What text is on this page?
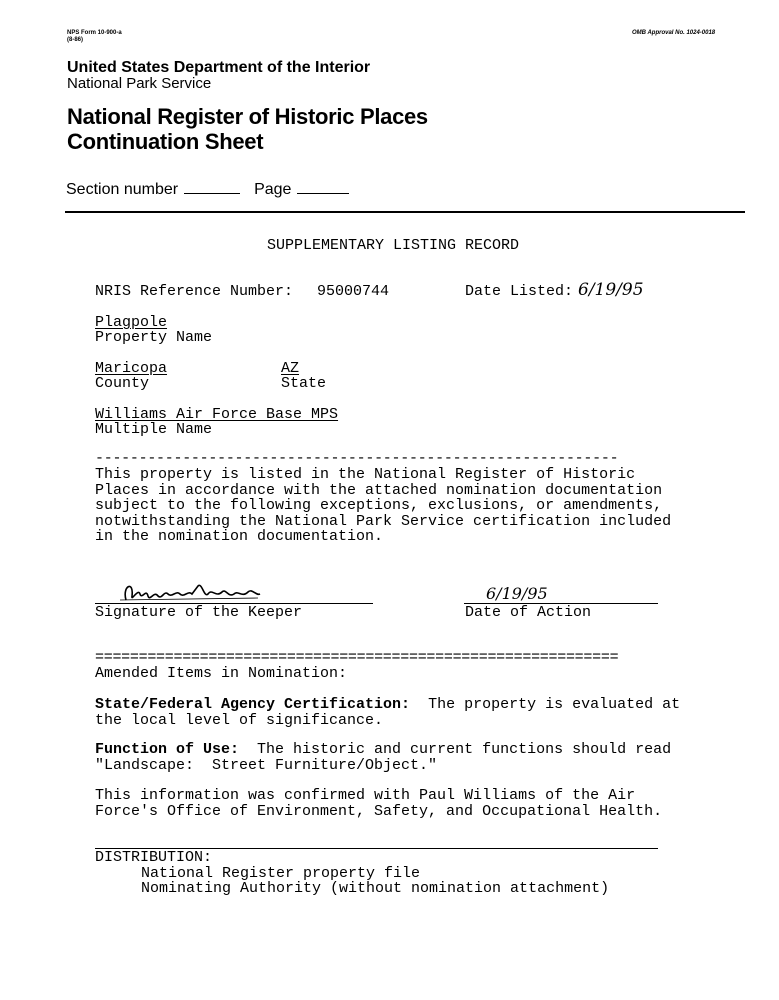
NPS Form 10-900-a
(8-86)
OMB Approval No. 1024-0018
United States Department of the Interior
National Park Service
National Register of Historic Places
Continuation Sheet
Section number	Page
SUPPLEMENTARY LISTING RECORD
NRIS Reference Number: 95000744	Date Listed: 6/19/95
Plagpole
Property Name
Maricopa
County
AZ
State
Williams Air Force Base MPS
Multiple Name
------------------------------------------------------------
This property is listed in the National Register of Historic
Places in accordance with the attached nomination documentation
subject to the following exceptions, exclusions, or amendments,
notwithstanding the National Park Service certification included
in the nomination documentation.
Signature of the Keeper
6/19/95
Date of Action
============================================================
Amended Items in Nomination:
State/Federal Agency Certification:  The property is evaluated at
the local level of significance.
Function of Use:  The historic and current functions should read
"Landscape:  Street Furniture/Object."
This information was confirmed with Paul Williams of the Air
Force's Office of Environment, Safety, and Occupational Health.
DISTRIBUTION:
National Register property file
Nominating Authority (without nomination attachment)
